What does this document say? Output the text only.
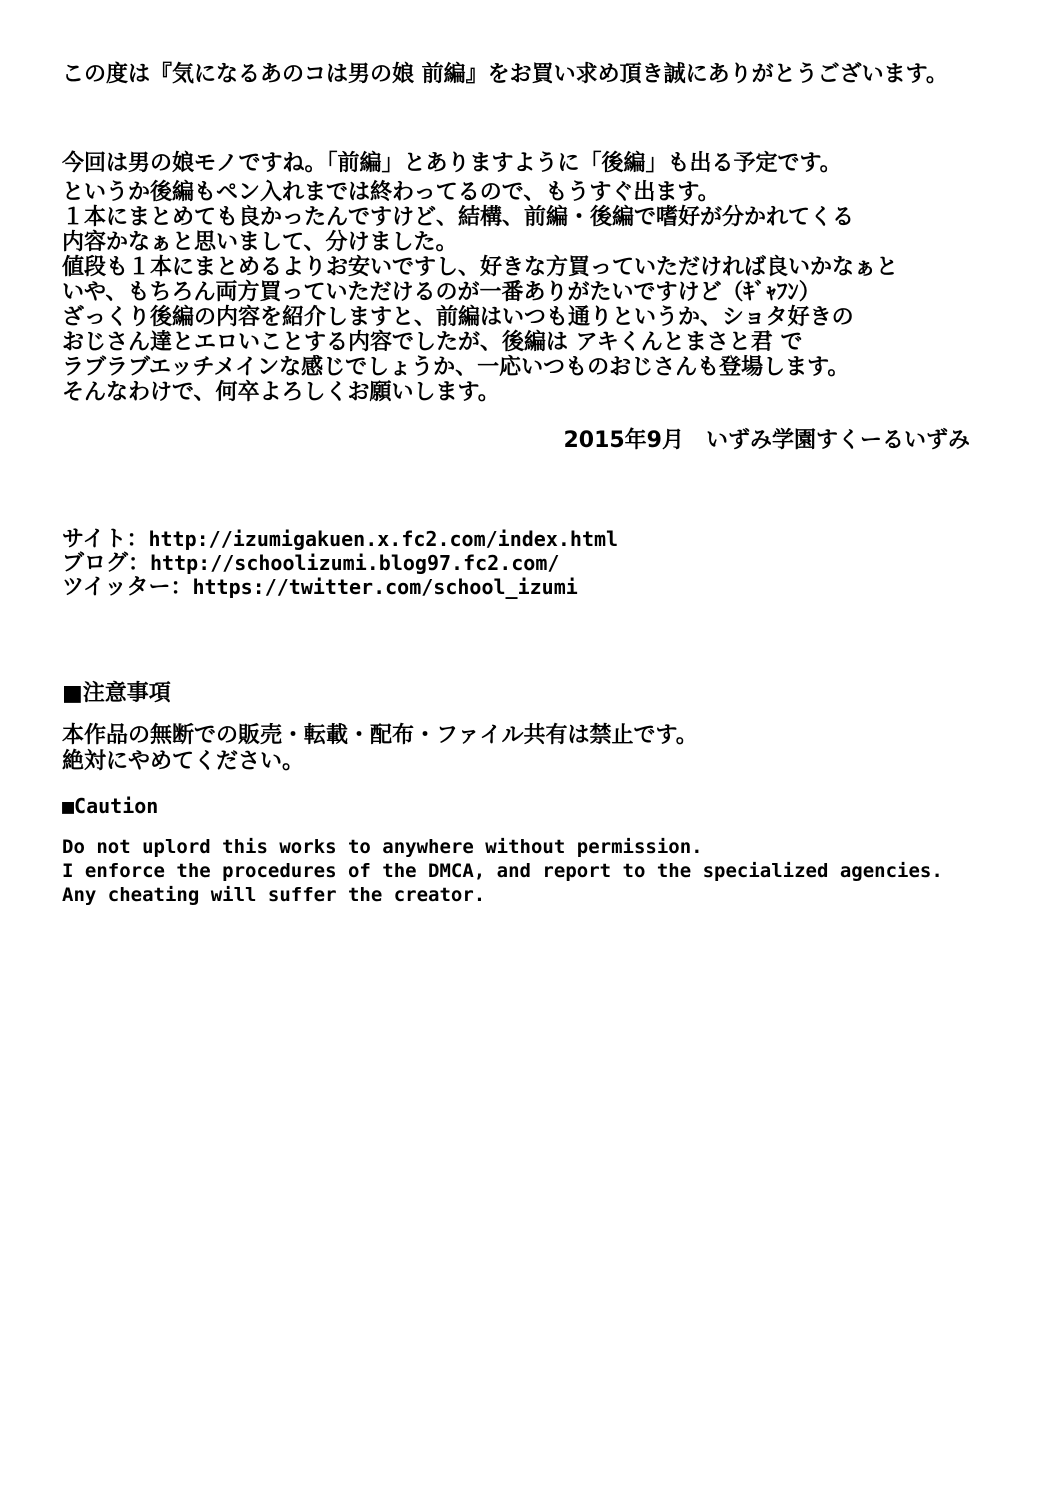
この度は『気になるあのコは男の娘 前編』をお買い求め頂き誠にありがとうございます。
今回は男の娘モノですね。「前編」とありますように「後編」も出る予定です。
というか後編もペン入れまでは終わってるので、もうすぐ出ます。
１本にまとめても良かったんですけど、結構、前編・後編で嗜好が分かれてくる
内容かなぁと思いまして、分けました。
値段も１本にまとめるよりお安いですし、好きな方買っていただければ良いかなぁと
いや、もちろん両方買っていただけるのが一番ありがたいですけど（ｷﾞｬﾌﾝ）
ざっくり後編の内容を紹介しますと、前編はいつも通りというか、ショタ好きの
おじさん達とエロいことする内容でしたが、後編は アキくんとまさと君 で
ラブラブエッチメインな感じでしょうか、一応いつものおじさんも登場します。
そんなわけで、何卒よろしくお願いします。
2015年9月　いずみ学園すくーるいずみ
サイト：http://izumigakuen.x.fc2.com/index.html
ブログ：http://schoolizumi.blog97.fc2.com/
ツイッター：https://twitter.com/school_izumi
■注意事項
本作品の無断での販売・転載・配布・ファイル共有は禁止です。
絶対にやめてください。
■Caution
Do not uplord this works to anywhere without permission.
I enforce the procedures of the DMCA, and report to the specialized agencies.
Any cheating will suffer the creator.
